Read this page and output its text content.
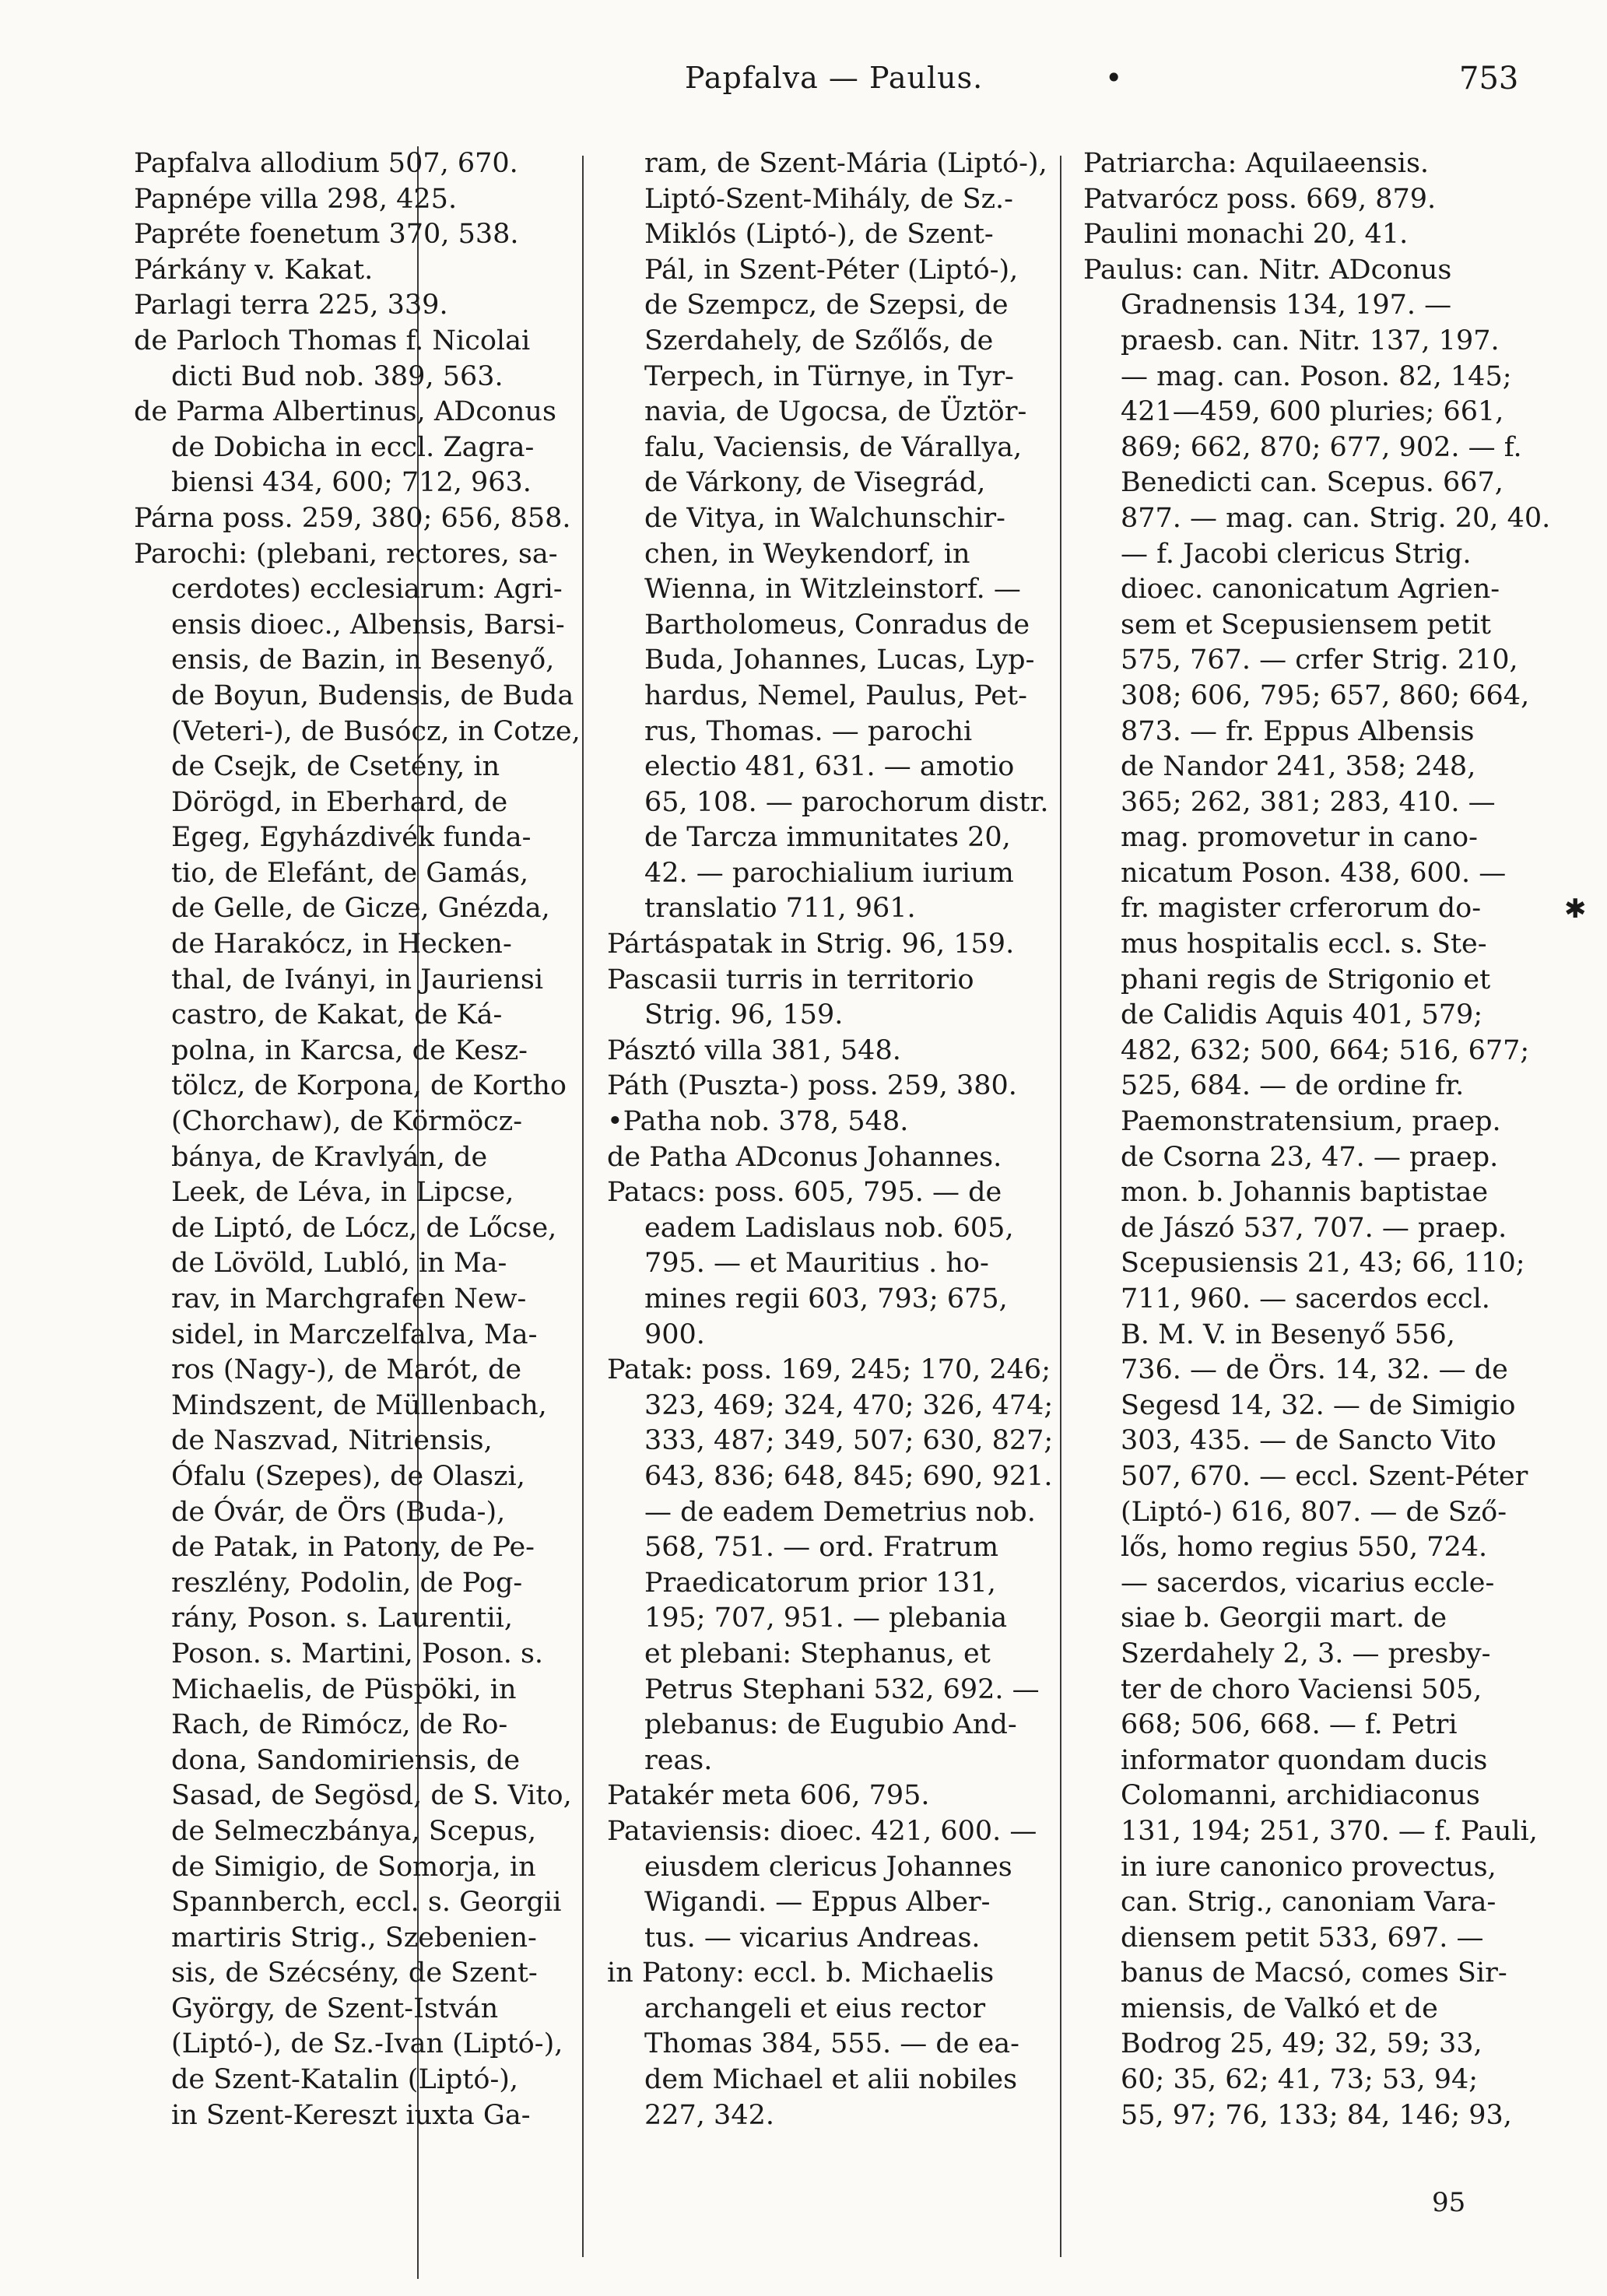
Papfalva — Paulus.	•	753
Papfalva allodium 507, 670.
Papnépe villa 298, 425.
Papréte foenetum 370, 538.
Párkány v. Kakat.
Parlagi terra 225, 339.
de Parloch Thomas f. Nicolai
dicti Bud nob. 389, 563.
de Parma Albertinus, ADconus
de Dobicha in eccl. Zagra-
biensi 434, 600; 712, 963.
Párna poss. 259, 380; 656, 858.
Parochi: (plebani, rectores, sa-
cerdotes) ecclesiarum: Agri-
ensis dioec., Albensis, Barsi-
ensis, de Bazin, in Besenyő,
de Boyun, Budensis, de Buda
(Veteri-), de Busócz, in Cotze,
de Csejk, de Csetény, in
Dörögd, in Eberhard, de
Egeg, Egyházdivék funda-
tio, de Elefánt, de Gamás,
de Gelle, de Gicze, Gnézda,
de Harakócz, in Hecken-
thal, de Iványi, in Jauriensi
castro, de Kakat, de Ká-
polna, in Karcsa, de Kesz-
tölcz, de Korpona, de Kortho
(Chorchaw), de Körmöcz-
bánya, de Kravlyán, de
Leek, de Léva, in Lipcse,
de Liptó, de Lócz, de Lőcse,
de Lövöld, Lubló, in Ma-
rav, in Marchgrafen New-
sidel, in Marczelfalva, Ma-
ros (Nagy-), de Marót, de
Mindszent, de Müllenbach,
de Naszvad, Nitriensis,
Ófalu (Szepes), de Olaszi,
de Óvár, de Örs (Buda-),
de Patak, in Patony, de Pe-
reszlény, Podolin, de Pog-
rány, Poson. s. Laurentii,
Poson. s. Martini, Poson. s.
Michaelis, de Püspöki, in
Rach, de Rimócz, de Ro-
dona, Sandomiriensis, de
Sasad, de Segösd, de S. Vito,
de Selmeczbánya, Scepus,
de Simigio, de Somorja, in
Spannberch, eccl. s. Georgii
martiris Strig., Szebenien-
sis, de Szécsény, de Szent-
György, de Szent-István
(Liptó-), de Sz.-Ivan (Liptó-),
de Szent-Katalin (Liptó-),
in Szent-Kereszt iuxta Ga-
ram, de Szent-Mária (Liptó-),
Liptó-Szent-Mihály, de Sz.-
Miklós (Liptó-), de Szent-
Pál, in Szent-Péter (Liptó-),
de Szempcz, de Szepsi, de
Szerdahely, de Szőlős, de
Terpech, in Türnye, in Tyr-
navia, de Ugocsa, de Üztör-
falu, Vaciensis, de Várallya,
de Várkony, de Visegrád,
de Vitya, in Walchunschir-
chen, in Weykendorf, in
Wienna, in Witzleinstorf. —
Bartholomeus, Conradus de
Buda, Johannes, Lucas, Lyp-
hardus, Nemel, Paulus, Pet-
rus, Thomas. — parochi
electio 481, 631. — amotio
65, 108. — parochorum distr.
de Tarcza immunitates 20,
42. — parochialium iurium
translatio 711, 961.
Pártáspatak in Strig. 96, 159.
Pascasii turris in territorio
Strig. 96, 159.
Pásztó villa 381, 548.
Páth (Puszta-) poss. 259, 380.
•Patha nob. 378, 548.
de Patha ADconus Johannes.
Patacs: poss. 605, 795. — de
eadem Ladislaus nob. 605,
795. — et Mauritius . ho-
mines regii 603, 793; 675,
900.
Patak: poss. 169, 245; 170, 246;
323, 469; 324, 470; 326, 474;
333, 487; 349, 507; 630, 827;
643, 836; 648, 845; 690, 921.
— de eadem Demetrius nob.
568, 751. — ord. Fratrum
Praedicatorum prior 131,
195; 707, 951. — plebania
et plebani: Stephanus, et
Petrus Stephani 532, 692. —
plebanus: de Eugubio And-
reas.
Patakér meta 606, 795.
Pataviensis: dioec. 421, 600. —
eiusdem clericus Johannes
Wigandi. — Eppus Alber-
tus. — vicarius Andreas.
in Patony: eccl. b. Michaelis
archangeli et eius rector
Thomas 384, 555. — de ea-
dem Michael et alii nobiles
227, 342.
Patriarcha: Aquilaeensis.
Patvarócz poss. 669, 879.
Paulini monachi 20, 41.
Paulus: can. Nitr. ADconus
Gradnensis 134, 197. —
praesb. can. Nitr. 137, 197.
— mag. can. Poson. 82, 145;
421—459, 600 pluries; 661,
869; 662, 870; 677, 902. — f.
Benedicti can. Scepus. 667,
877. — mag. can. Strig. 20, 40.
— f. Jacobi clericus Strig.
dioec. canonicatum Agrien-
sem et Scepusiensem petit
575, 767. — crfer Strig. 210,
308; 606, 795; 657, 860; 664,
873. — fr. Eppus Albensis
de Nandor 241, 358; 248,
365; 262, 381; 283, 410. —
mag. promovetur in cano-
nicatum Poson. 438, 600. —
fr. magister crferorum do-
mus hospitalis eccl. s. Ste-
phani regis de Strigonio et
de Calidis Aquis 401, 579;
482, 632; 500, 664; 516, 677;
525, 684. — de ordine fr.
Paemonstratensium, praep.
de Csorna 23, 47. — praep.
mon. b. Johannis baptistae
de Jászó 537, 707. — praep.
Scepusiensis 21, 43; 66, 110;
711, 960. — sacerdos eccl.
B. M. V. in Besenyő 556,
736. — de Örs. 14, 32. — de
Segesd 14, 32. — de Simigio
303, 435. — de Sancto Vito
507, 670. — eccl. Szent-Péter
(Liptó-) 616, 807. — de Sző-
lős, homo regius 550, 724.
— sacerdos, vicarius eccle-
siae b. Georgii mart. de
Szerdahely 2, 3. — presby-
ter de choro Vaciensi 505,
668; 506, 668. — f. Petri
informator quondam ducis
Colomanni, archidiaconus
131, 194; 251, 370. — f. Pauli,
in iure canonico provectus,
can. Strig., canoniam Vara-
diensem petit 533, 697. —
banus de Macsó, comes Sir-
miensis, de Valkó et de
Bodrog 25, 49; 32, 59; 33,
60; 35, 62; 41, 73; 53, 94;
55, 97; 76, 133; 84, 146; 93,
✱
95
